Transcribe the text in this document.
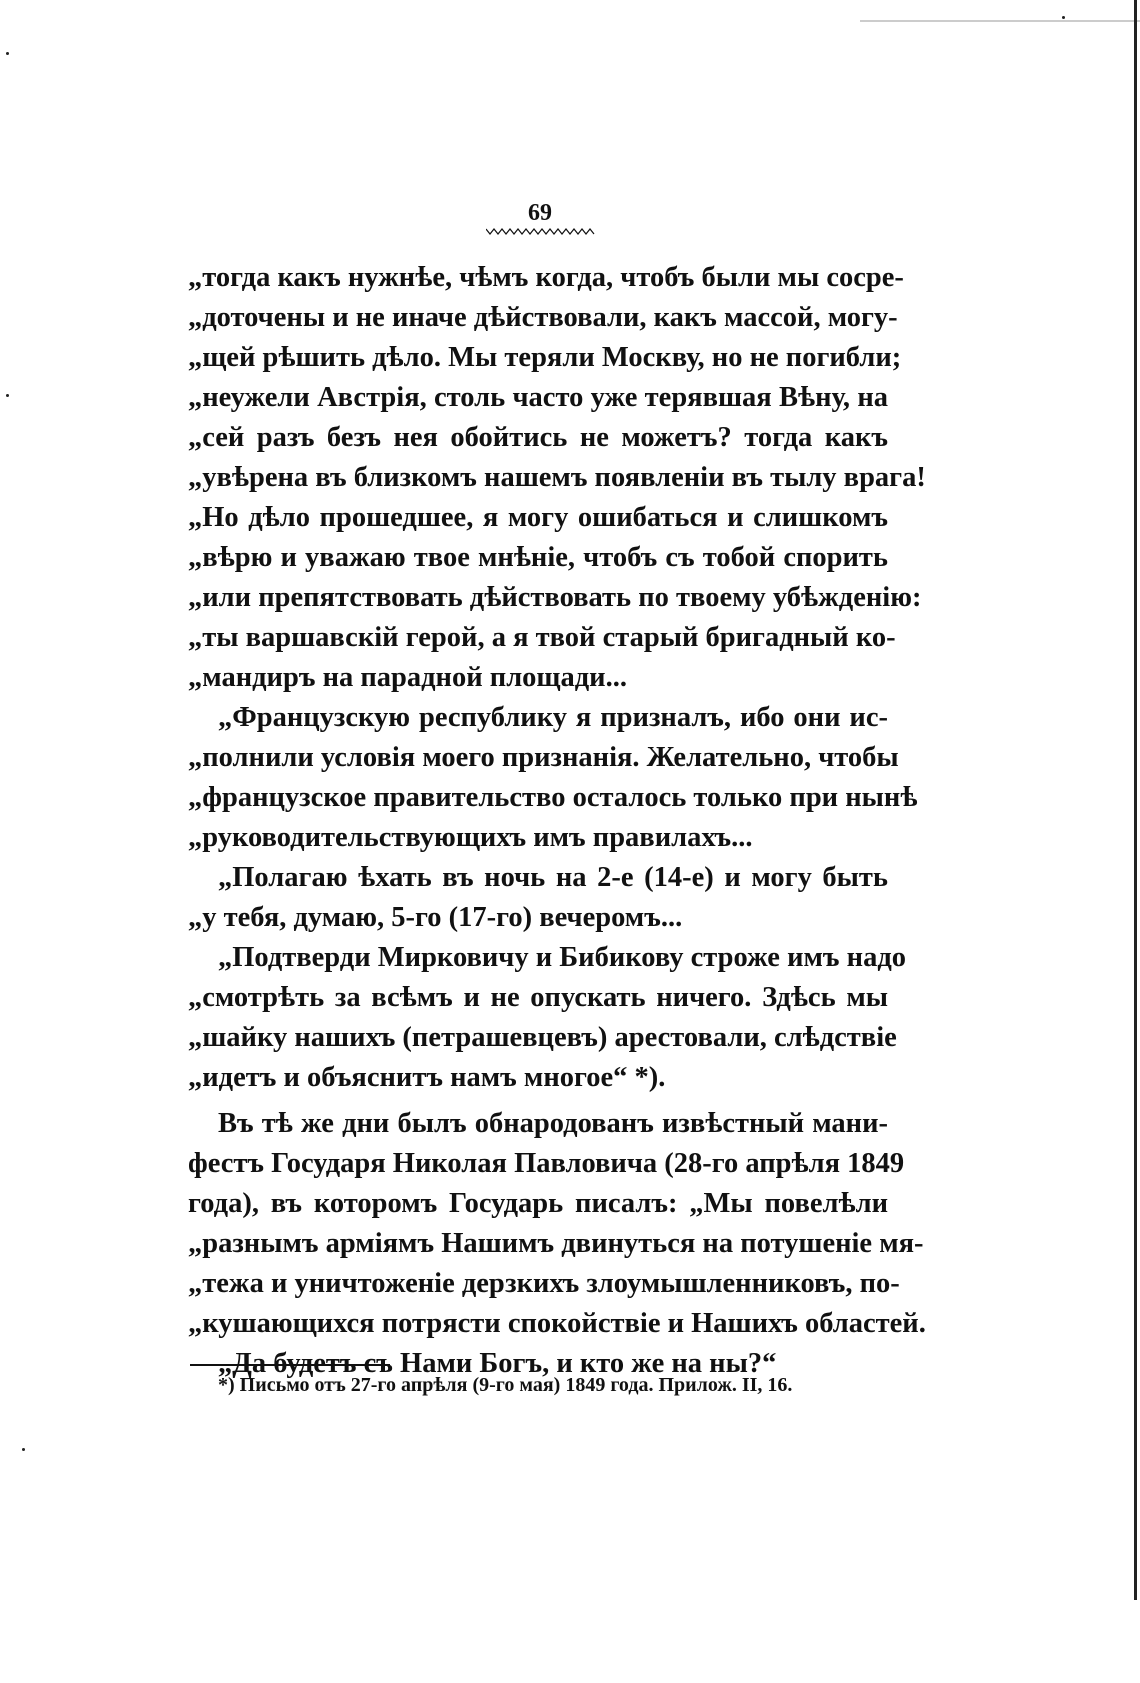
69
„тогда какъ нужнѣе, чѣмъ когда, чтобъ были мы сосре-
„доточены и не иначе дѣйствовали, какъ массой, могу-
„щей рѣшить дѣло. Мы теряли Москву, но не погибли;
„неужели Австрія, столь часто уже терявшая Вѣну, на
„сей разъ безъ нея обойтись не можетъ? тогда какъ
„увѣрена въ близкомъ нашемъ появленіи въ тылу врага!
„Но дѣло прошедшее, я могу ошибаться и слишкомъ
„вѣрю и уважаю твое мнѣніе, чтобъ съ тобой спорить
„или препятствовать дѣйствовать по твоему убѣжденію:
„ты варшавскій герой, а я твой старый бригадный ко-
„мандиръ на парадной площади...
„Французскую республику я призналъ, ибо они ис-
„полнили условія моего признанія. Желательно, чтобы
„французское правительство осталось только при нынѣ
„руководительствующихъ имъ правилахъ...
„Полагаю ѣхать въ ночь на 2-е (14-е) и могу быть
„у тебя, думаю, 5-го (17-го) вечеромъ...
„Подтверди Мирковичу и Бибикову строже имъ надо
„смотрѣть за всѣмъ и не опускать ничего. Здѣсь мы
„шайку нашихъ (петрашевцевъ) арестовали, слѣдствіе
„идетъ и объяснитъ намъ многое“ *).
Въ тѣ же дни былъ обнародованъ извѣстный мани-
фестъ Государя Николая Павловича (28-го апрѣля 1849
года), въ которомъ Государь писалъ: „Мы повелѣли
„разнымъ арміямъ Нашимъ двинуться на потушеніе мя-
„тежа и уничтоженіе дерзкихъ злоумышленниковъ, по-
„кушающихся потрясти спокойствіе и Нашихъ областей.
„Да будетъ съ Нами Богъ, и кто же на ны?“
*) Письмо отъ 27-го апрѣля (9-го мая) 1849 года. Прилож. II, 16.
